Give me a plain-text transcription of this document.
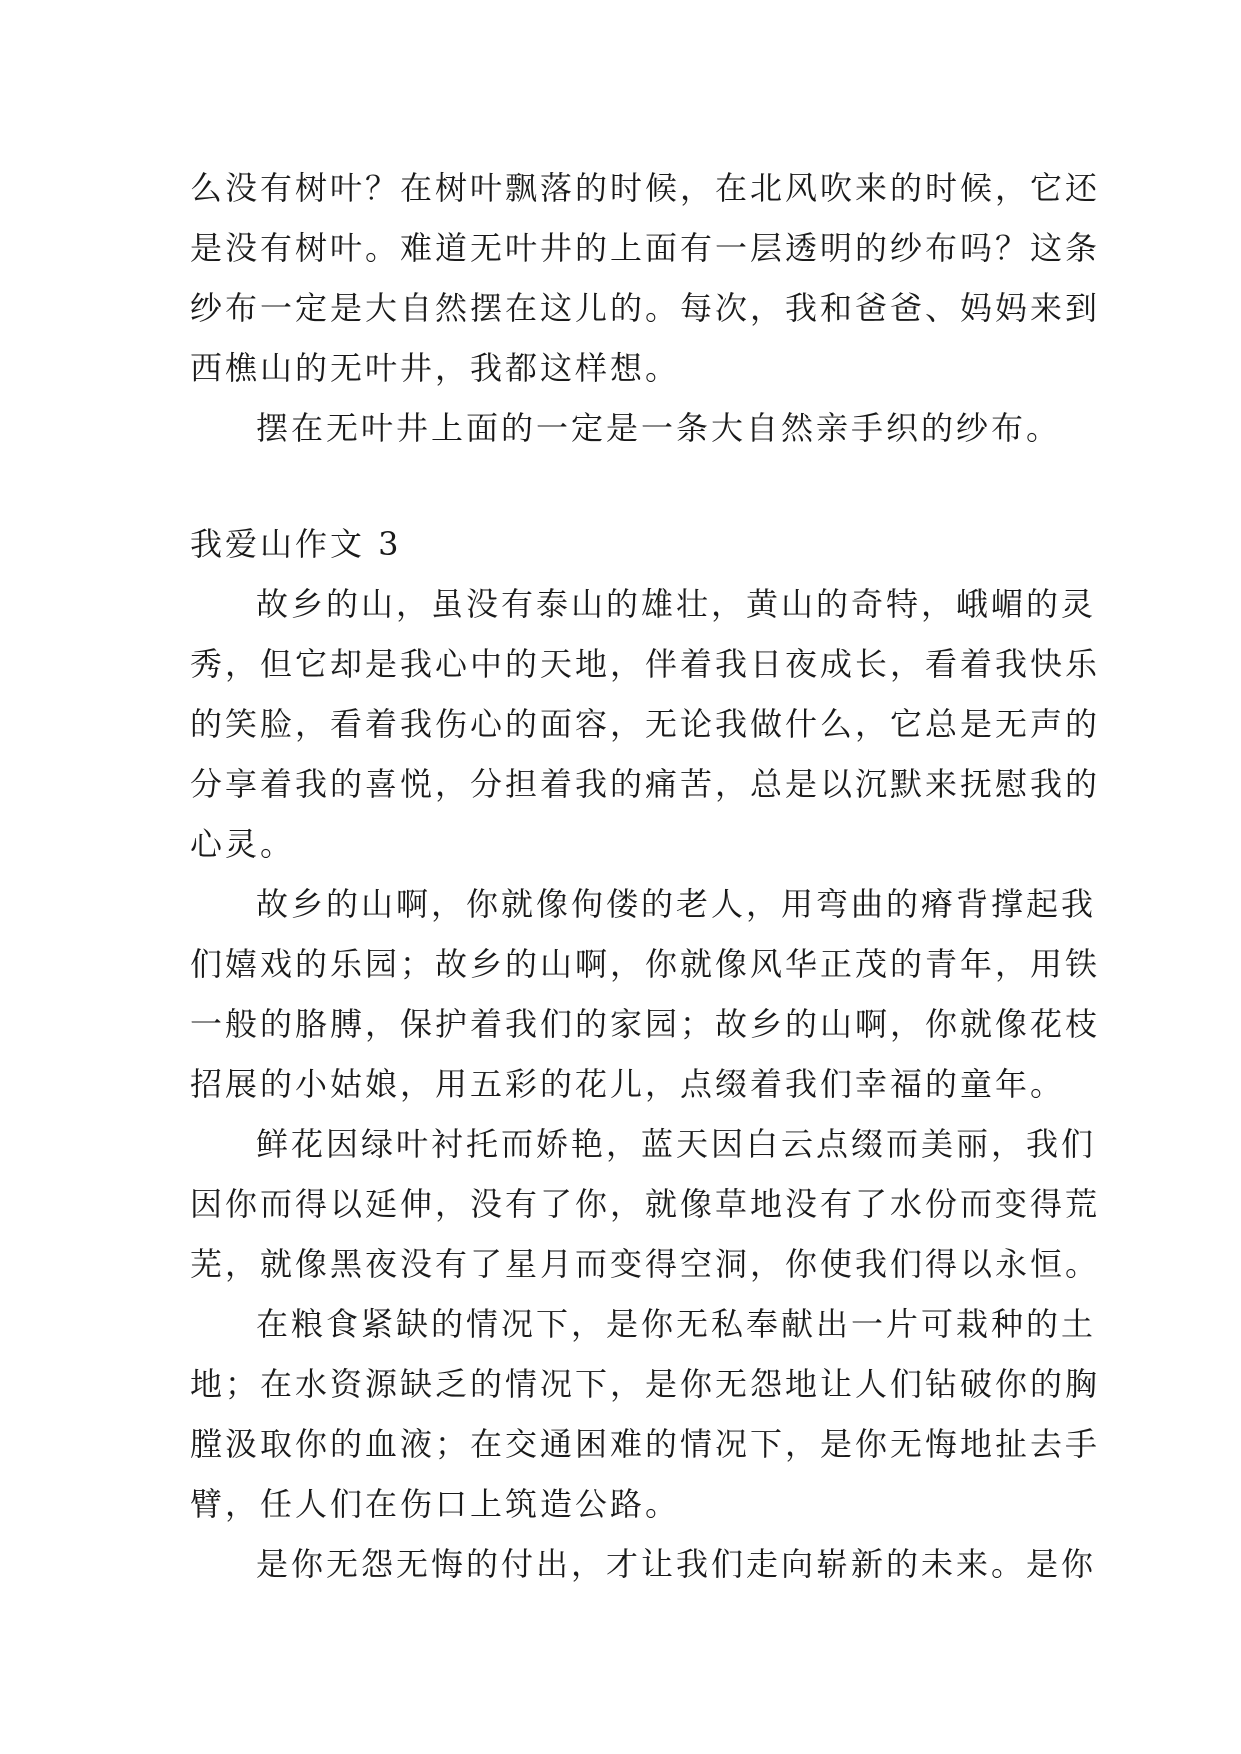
么没有树叶？在树叶飘落的时候，在北风吹来的时候，它还
是没有树叶。难道无叶井的上面有一层透明的纱布吗？这条
纱布一定是大自然摆在这儿的。每次，我和爸爸、妈妈来到
西樵山的无叶井，我都这样想。
摆在无叶井上面的一定是一条大自然亲手织的纱布。
我爱山作文 3
故乡的山，虽没有泰山的雄壮，黄山的奇特，峨嵋的灵
秀，但它却是我心中的天地，伴着我日夜成长，看着我快乐
的笑脸，看着我伤心的面容，无论我做什么，它总是无声的
分享着我的喜悦，分担着我的痛苦，总是以沉默来抚慰我的
心灵。
故乡的山啊，你就像佝偻的老人，用弯曲的瘠背撑起我
们嬉戏的乐园；故乡的山啊，你就像风华正茂的青年，用铁
一般的胳膊，保护着我们的家园；故乡的山啊，你就像花枝
招展的小姑娘，用五彩的花儿，点缀着我们幸福的童年。
鲜花因绿叶衬托而娇艳，蓝天因白云点缀而美丽，我们
因你而得以延伸，没有了你，就像草地没有了水份而变得荒
芜，就像黑夜没有了星月而变得空洞，你使我们得以永恒。
在粮食紧缺的情况下，是你无私奉献出一片可栽种的土
地；在水资源缺乏的情况下，是你无怨地让人们钻破你的胸
膛汲取你的血液；在交通困难的情况下，是你无悔地扯去手
臂，任人们在伤口上筑造公路。
是你无怨无悔的付出，才让我们走向崭新的未来。是你
